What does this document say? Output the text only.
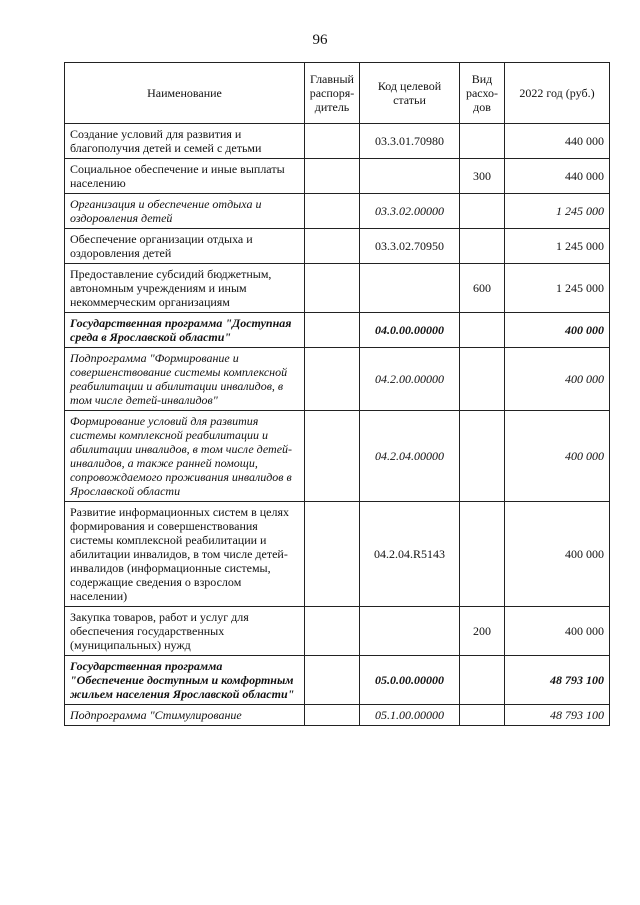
96
Наименование	Главный распоря-дитель	Код целевой статьи	Вид расхо-дов	2022 год (руб.)
Создание условий для развития и благополучия детей и семей с детьми		03.3.01.70980		440 000
Социальное обеспечение и иные выплаты населению			300	440 000
Организация и обеспечение отдыха и оздоровления детей		03.3.02.00000		1 245 000
Обеспечение организации отдыха и оздоровления детей		03.3.02.70950		1 245 000
Предоставление субсидий бюджетным, автономным учреждениям и иным некоммерческим организациям			600	1 245 000
Государственная программа "Доступная среда в Ярославской области"		04.0.00.00000		400 000
Подпрограмма "Формирование и совершенствование системы комплексной реабилитации и абилитации инвалидов, в том числе детей-инвалидов"		04.2.00.00000		400 000
Формирование условий для развития системы комплексной реабилитации и абилитации инвалидов, в том числе детей-инвалидов, а также ранней помощи, сопровождаемого проживания инвалидов в Ярославской области		04.2.04.00000		400 000
Развитие информационных систем в целях формирования и совершенствования системы комплексной реабилитации и абилитации инвалидов, в том числе детей-инвалидов (информационные системы, содержащие сведения о взрослом населении)		04.2.04.R5143		400 000
Закупка товаров, работ и услуг для обеспечения государственных (муниципальных) нужд			200	400 000
Государственная программа "Обеспечение доступным и комфортным жильем населения Ярославской области"		05.0.00.00000		48 793 100
Подпрограмма "Стимулирование		05.1.00.00000		48 793 100
